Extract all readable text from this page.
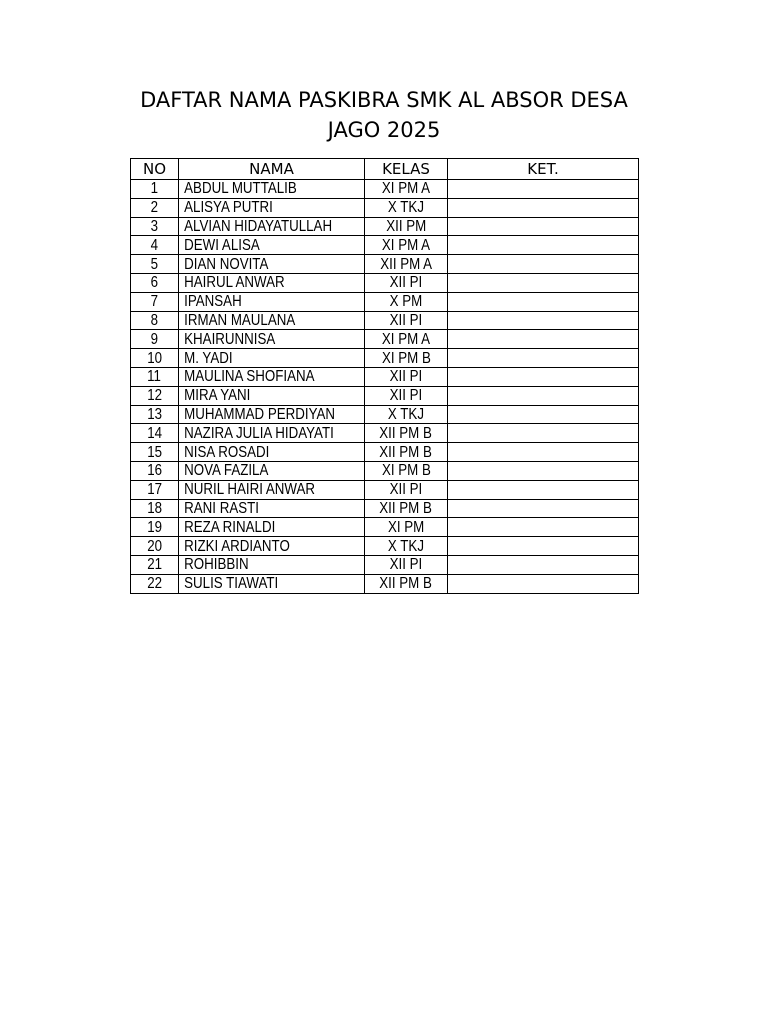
DAFTAR NAMA PASKIBRA SMK AL ABSOR DESA
JAGO 2025
NO	NAMA	KELAS	KET.
1	ABDUL MUTTALIB	XI PM A	
2	ALISYA PUTRI	X TKJ	
3	ALVIAN HIDAYATULLAH	XII PM	
4	DEWI ALISA	XI PM A	
5	DIAN NOVITA	XII PM A	
6	HAIRUL ANWAR	XII PI	
7	IPANSAH	X PM	
8	IRMAN MAULANA	XII PI	
9	KHAIRUNNISA	XI PM A	
10	M. YADI	XI PM B	
11	MAULINA SHOFIANA	XII PI	
12	MIRA YANI	XII PI	
13	MUHAMMAD PERDIYAN	X TKJ	
14	NAZIRA JULIA HIDAYATI	XII PM B	
15	NISA ROSADI	XII PM B	
16	NOVA FAZILA	XI PM B	
17	NURIL HAIRI ANWAR	XII PI	
18	RANI RASTI	XII PM B	
19	REZA RINALDI	XI PM	
20	RIZKI ARDIANTO	X TKJ	
21	ROHIBBIN	XII PI	
22	SULIS TIAWATI	XII PM B	
